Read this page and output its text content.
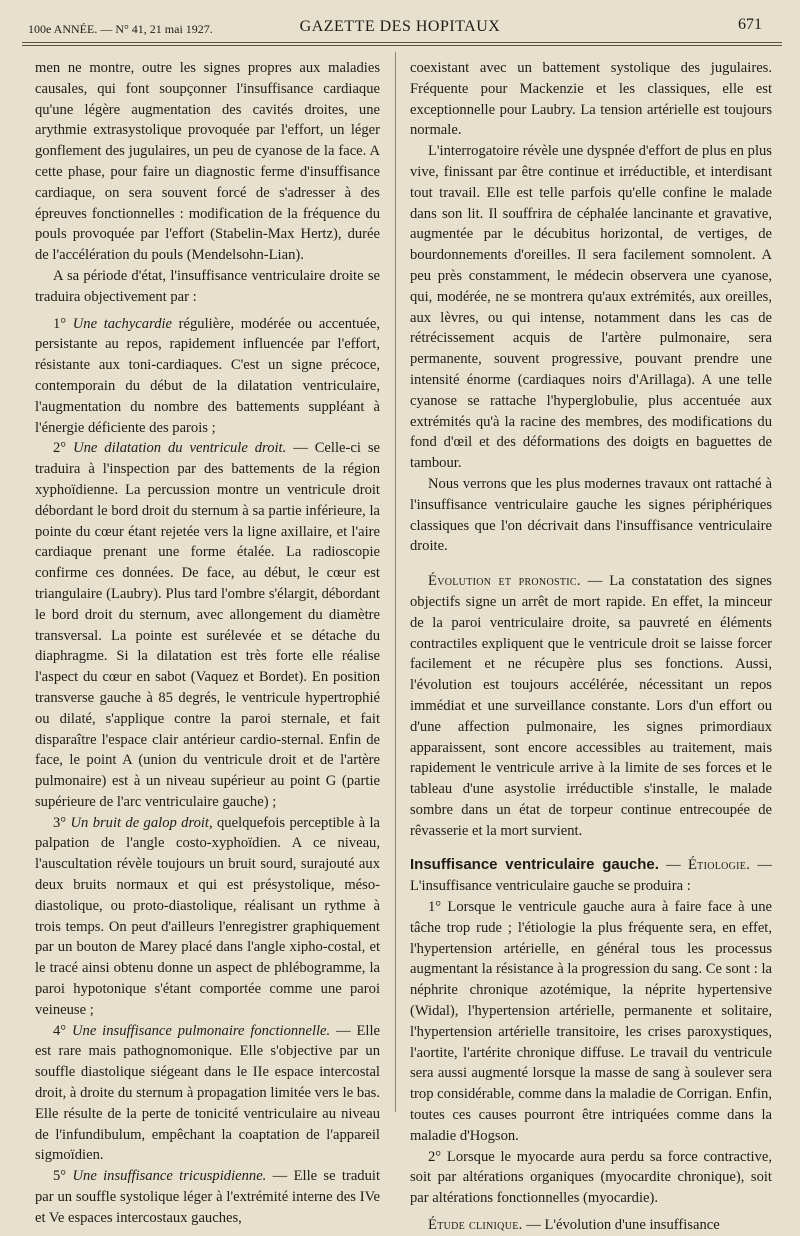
100e ANNÉE. — N° 41, 21 mai 1927.	GAZETTE DES HOPITAUX	671

men ne montre, outre les signes propres aux maladies causales, qui font soupçonner l'insuffisance cardiaque qu'une légère augmentation des cavités droites, une arythmie extrasystolique provoquée par l'effort, un léger gonflement des jugulaires, un peu de cyanose de la face. A cette phase, pour faire un diagnostic ferme d'insuffisance cardiaque, on sera souvent forcé de s'adresser à des épreuves fonctionnelles : modification de la fréquence du pouls provoquée par l'effort (Stabelin-Max Hertz), durée de l'accélération du pouls (Mendelsohn-Lian).

A sa période d'état, l'insuffisance ventriculaire droite se traduira objectivement par :

1° Une tachycardie régulière, modérée ou accentuée, persistante au repos, rapidement influencée par l'effort, résistante aux toni-cardiaques. C'est un signe précoce, contemporain du début de la dilatation ventriculaire, l'augmentation du nombre des battements suppléant à l'énergie déficiente des parois ;

2° Une dilatation du ventricule droit. — Celle-ci se traduira à l'inspection par des battements de la région xyphoïdienne. La percussion montre un ventricule droit débordant le bord droit du sternum à sa partie inférieure, la pointe du cœur étant rejetée vers la ligne axillaire, et l'aire cardiaque prenant une forme étalée. La radioscopie confirme ces données. De face, au début, le cœur est triangulaire (Laubry). Plus tard l'ombre s'élargit, débordant le bord droit du sternum, avec allongement du diamètre transversal. La pointe est surélevée et se détache du diaphragme. Si la dilatation est très forte elle réalise l'aspect du cœur en sabot (Vaquez et Bordet). En position transverse gauche à 85 degrés, le ventricule hypertrophié ou dilaté, s'applique contre la paroi sternale, et fait disparaître l'espace clair antérieur cardio-sternal. Enfin de face, le point A (union du ventricule droit et de l'artère pulmonaire) est à un niveau supérieur au point G (partie supérieure de l'arc ventriculaire gauche) ;

3° Un bruit de galop droit, quelquefois perceptible à la palpation de l'angle costo-xyphoïdien. A ce niveau, l'auscultation révèle toujours un bruit sourd, surajouté aux deux bruits normaux et qui est présystolique, méso-diastolique, ou proto-diastolique, réalisant un rythme à trois temps. On peut d'ailleurs l'enregistrer graphiquement par un bouton de Marey placé dans l'angle xipho-costal, et le tracé ainsi obtenu donne un aspect de phlébogramme, la paroi hypotonique s'étant comportée comme une paroi veineuse ;

4° Une insuffisance pulmonaire fonctionnelle. — Elle est rare mais pathognomonique. Elle s'objective par un souffle diastolique siégeant dans le IIe espace intercostal droit, à droite du sternum à propagation limitée vers le bas. Elle résulte de la perte de tonicité ventriculaire au niveau de l'infundibulum, empêchant la coaptation de l'appareil sigmoïdien.

5° Une insuffisance tricuspidienne. — Elle se traduit par un souffle systolique léger à l'extrémité interne des IVe et Ve espaces intercostaux gauches,

coexistant avec un battement systolique des jugulaires. Fréquente pour Mackenzie et les classiques, elle est exceptionnelle pour Laubry. La tension artérielle est toujours normale.

L'interrogatoire révèle une dyspnée d'effort de plus en plus vive, finissant par être continue et irréductible, et interdisant tout travail. Elle est telle parfois qu'elle confine le malade dans son lit. Il souffrira de céphalée lancinante et gravative, augmentée par le décubitus horizontal, de vertiges, de bourdonnements d'oreilles. Il sera facilement somnolent. A peu près constamment, le médecin observera une cyanose, qui, modérée, ne se montrera qu'aux extrémités, aux oreilles, aux lèvres, ou qui intense, notamment dans les cas de rétrécissement acquis de l'artère pulmonaire, sera permanente, souvent progressive, pouvant prendre une intensité énorme (cardiaques noirs d'Arillaga). A une telle cyanose se rattache l'hyperglobulie, plus accentuée aux extrémités qu'à la racine des membres, des modifications du fond d'œil et des déformations des doigts en baguettes de tambour.

Nous verrons que les plus modernes travaux ont rattaché à l'insuffisance ventriculaire gauche les signes périphériques classiques que l'on décrivait dans l'insuffisance ventriculaire droite.

Évolution et pronostic. — La constatation des signes objectifs signe un arrêt de mort rapide. En effet, la minceur de la paroi ventriculaire droite, sa pauvreté en éléments contractiles expliquent que le ventricule droit se laisse forcer facilement et ne récupère plus ses fonctions. Aussi, l'évolution est toujours accélérée, nécessitant un repos immédiat et une surveillance constante. Lors d'un effort ou d'une affection pulmonaire, les signes primordiaux apparaissent, sont encore accessibles au traitement, mais rapidement le ventricule arrive à la limite de ses forces et le tableau d'une asystolie irréductible s'installe, le malade sombre dans un état de torpeur continue entrecoupée de rêvasserie et la mort survient.

Insuffisance ventriculaire gauche. — Étiologie. — L'insuffisance ventriculaire gauche se produira :

1° Lorsque le ventricule gauche aura à faire face à une tâche trop rude ; l'étiologie la plus fréquente sera, en effet, l'hypertension artérielle, en général tous les processus augmentant la résistance à la progression du sang. Ce sont : la néphrite chronique azotémique, la néprite hypertensive (Widal), l'hypertension artérielle, permanente et solitaire, l'hypertension artérielle transitoire, les crises paroxystiques, l'aortite, l'artérite chronique diffuse. Le travail du ventricule sera aussi augmenté lorsque la masse de sang à soulever sera trop considérable, comme dans la maladie de Corrigan. Enfin, toutes ces causes pourront être intriquées comme dans la maladie d'Hogson.

2° Lorsque le myocarde aura perdu sa force contractive, soit par altérations organiques (myocardite chronique), soit par altérations fonctionnelles (myocardie).

Étude clinique. — L'évolution d'une insuffisance
